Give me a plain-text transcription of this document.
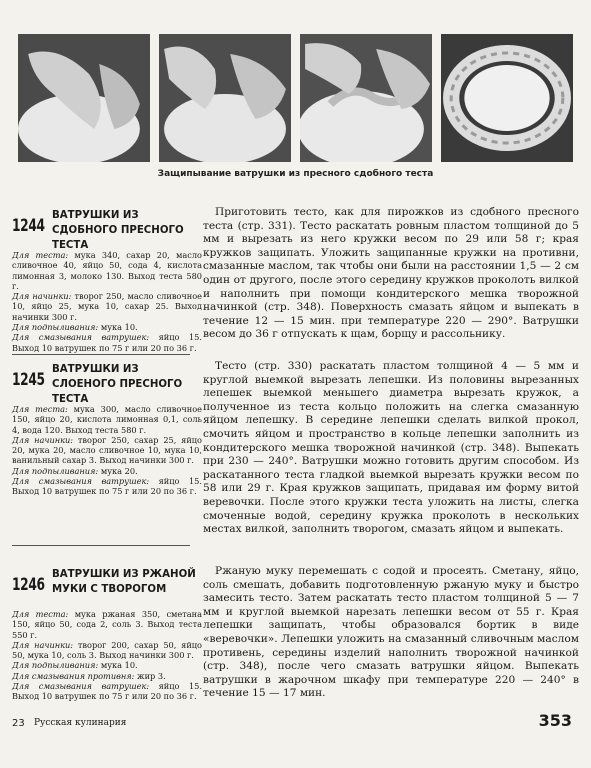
Защипывание ватрушки из пресного сдобного теста
1244
ВАТРУШКИ ИЗ СДОБНОГО ПРЕСНОГО ТЕСТА

Для теста: мука 340, сахар 20, масло сливочное 40, яйцо 50, сода 4, кислота лимонная 3, молоко 130. Выход теста 580 г.

Для начинки: творог 250, масло сливочное 10, яйцо 25, мука 10, сахар 25. Выход начинки 300 г.

Для подпыливания: мука 10.

Для смазывания ватрушек: яйцо 15. Выход 10 ватрушек по 75 г или 20 по 36 г.

Приготовить тесто, как для пирожков из сдобного пресного теста (стр. 331). Тесто раскатать ровным пластом толщиной до 5 мм и вырезать из него кружки весом по 29 или 58 г; края кружков защипать. Уложить защипанные кружки на противни, смазанные маслом, так чтобы они были на расстоянии 1,5 — 2 см один от другого, после этого середину кружков проколоть вилкой и наполнить при помощи кондитерского мешка творожной начинкой (стр. 348). Поверхность смазать яйцом и выпекать в течение 12 — 15 мин. при температуре 220 — 290°. Ватрушки весом до 36 г отпускать к щам, борщу и рассольнику.
1245
ВАТРУШКИ ИЗ СЛОЕНОГО ПРЕСНОГО ТЕСТА

Для теста: мука 300, масло сливочное 150, яйцо 20, кислота лимонная 0,1, соль 4, вода 120. Выход теста 580 г.

Для начинки: творог 250, сахар 25, яйцо 20, мука 20, масло сливочное 10, мука 10, ванильный сахар 3. Выход начинки 300 г.

Для подпыливания: мука 20.

Для смазывания ватрушек: яйцо 15. Выход 10 ватрушек по 75 г или 20 по 36 г.

Тесто (стр. 330) раскатать пластом толщиной 4 — 5 мм и круглой выемкой вырезать лепешки. Из половины вырезанных лепешек выемкой меньшего диаметра вырезать кружок, а полученное из теста кольцо положить на слегка смазанную яйцом лепешку. В середине лепешки сделать вилкой прокол, смочить яйцом и пространство в кольце лепешки заполнить из кондитерского мешка творожной начинкой (стр. 348). Выпекать при 230 — 240°. Ватрушки можно готовить другим способом. Из раскатанного теста гладкой выемкой вырезать кружки весом по 58 или 29 г. Края кружков защипать, придавая им форму витой веревочки. После этого кружки теста уложить на листы, слегка смоченные водой, середину кружка проколоть в нескольких местах вилкой, заполнить творогом, смазать яйцом и выпекать.
1246
ВАТРУШКИ ИЗ РЖАНОЙ МУКИ С ТВОРОГОМ

Для теста: мука ржаная 350, сметана 150, яйцо 50, сода 2, соль 3. Выход теста 550 г.

Для начинки: творог 200, сахар 50, яйцо 50, мука 10, соль 3. Выход начинки 300 г.

Для подпыливания: мука 10.

Для смазывания противня: жир 3.

Для смазывания ватрушек: яйцо 15. Выход 10 ватрушек по 75 г или 20 по 36 г.

Ржаную муку перемешать с содой и просеять. Сметану, яйцо, соль смешать, добавить подготовленную ржаную муку и быстро замесить тесто. Затем раскатать тесто пластом толщиной 5 — 7 мм и круглой выемкой нарезать лепешки весом от 55 г. Края лепешки защипать, чтобы образовался бортик в виде «веревочки». Лепешки уложить на смазанный сливочным маслом противень, середины изделий наполнить творожной начинкой (стр. 348), после чего смазать ватрушки яйцом. Выпекать ватрушки в жарочном шкафу при температуре 220 — 240° в течение 15 — 17 мин.
23 Русская кулинария	353
